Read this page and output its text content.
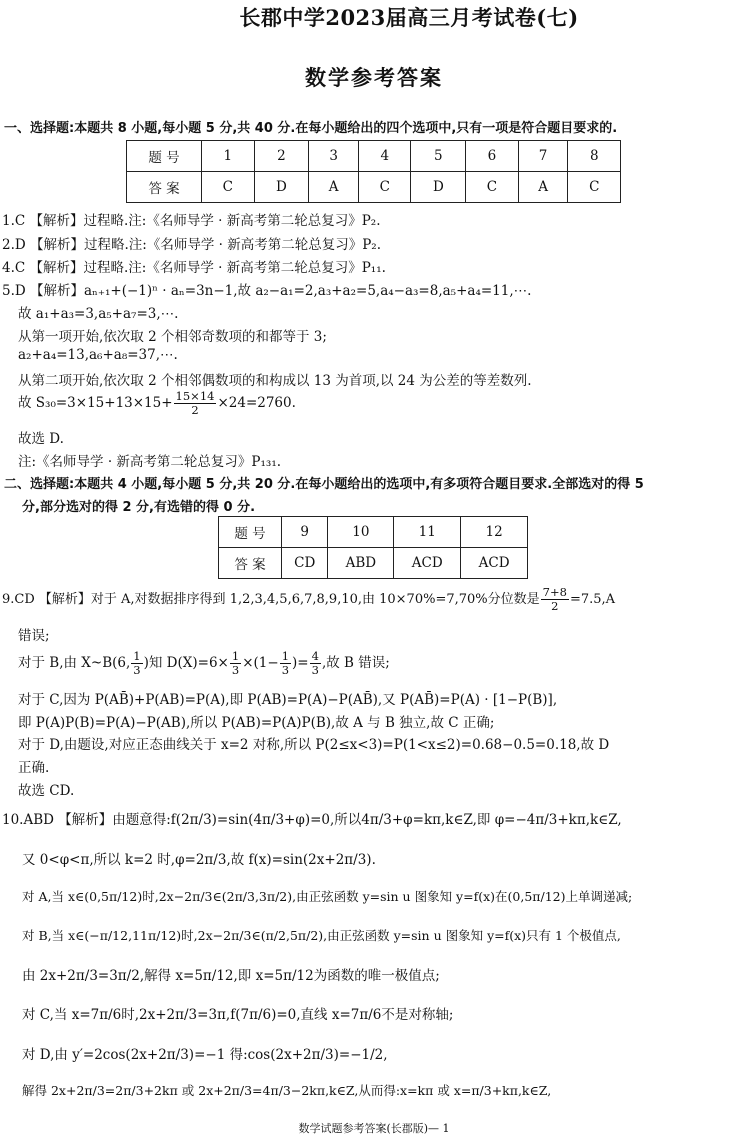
长郡中学2023届高三月考试卷(七)
数学参考答案
一、选择题:本题共 8 小题,每小题 5 分,共 40 分.在每小题给出的四个选项中,只有一项是符合题目要求的.
题 号	1	2	3	4	5	6	7	8
答 案	C	D	A	C	D	C	A	C
1.C 【解析】过程略.注:《名师导学 · 新高考第二轮总复习》P₂.
2.D 【解析】过程略.注:《名师导学 · 新高考第二轮总复习》P₂.
4.C 【解析】过程略.注:《名师导学 · 新高考第二轮总复习》P₁₁.
5.D 【解析】aₙ₊₁+(−1)ⁿ · aₙ=3n−1,故 a₂−a₁=2,a₃+a₂=5,a₄−a₃=8,a₅+a₄=11,⋯.
故 a₁+a₃=3,a₅+a₇=3,⋯.
从第一项开始,依次取 2 个相邻奇数项的和都等于 3;
a₂+a₄=13,a₆+a₈=37,⋯.
从第二项开始,依次取 2 个相邻偶数项的和构成以 13 为首项,以 24 为公差的等差数列.
故 $S_{30}=3\times 15+13\times 15+ \frac{15\times 14}{2} \times 24=2760$.
故选 D.
注:《名师导学 · 新高考第二轮总复习》P₁₃₁.
二、选择题:本题共 4 小题,每小题 5 分,共 20 分.在每小题给出的选项中,有多项符合题目要求.全部选对的得 5
分,部分选对的得 2 分,有选错的得 0 分.
题 号	9	10	11	12
答 案	CD	ABD	ACD	ACD
9.CD 【解析】对于 A,对数据排序得到 1,2,3,4,5,6,7,8,9,10,由 10×70%=7,70%分位数是 $\frac{7+8}{2} =7.5,A$
错误;
对于 B,由 X~B(6, $\frac{1}{3}$ )知 $D(X)=6\times \frac{1}{3} \times(1- \frac{1}{3}$ )= $\frac{4}{3}$ ,故 B 错误;
对于 C,因为 P(AB̄)+P(AB)=P(A),即 P(AB)=P(A)−P(AB̄),又 P(AB̄)=P(A) · [1−P(B)],
即 P(A)P(B)=P(A)−P(AB),所以 P(AB)=P(A)P(B),故 A 与 B 独立,故 C 正确;
对于 D,由题设,对应正态曲线关于 x=2 对称,所以 P(2≤x<3)=P(1<x≤2)=0.68−0.5=0.18,故 D
正确.
故选 CD.
10.ABD 【解析】由题意得:f(2π/3)=sin(4π/3+φ)=0,所以4π/3+φ=kπ,k∈Z,即 φ=−4π/3+kπ,k∈Z,
又 0<φ<π,所以 k=2 时,φ=2π/3,故 f(x)=sin(2x+2π/3).
对 A,当 x∈(0,5π/12)时,2x−2π/3∈(2π/3,3π/2),由正弦函数 y=sin u 图象知 y=f(x)在(0,5π/12)上单调递减;
对 B,当 x∈(−π/12,11π/12)时,2x−2π/3∈(π/2,5π/2),由正弦函数 y=sin u 图象知 y=f(x)只有 1 个极值点,
由 2x+2π/3=3π/2,解得 x=5π/12,即 x=5π/12为函数的唯一极值点;
对 C,当 x=7π/6时,2x+2π/3=3π,f(7π/6)=0,直线 x=7π/6不是对称轴;
对 D,由 y′=2cos(2x+2π/3)=−1 得:cos(2x+2π/3)=−1/2,
解得 2x+2π/3=2π/3+2kπ 或 2x+2π/3=4π/3−2kπ,k∈Z,从而得:x=kπ 或 x=π/3+kπ,k∈Z,
数学试题参考答案(长郡版)— 1
